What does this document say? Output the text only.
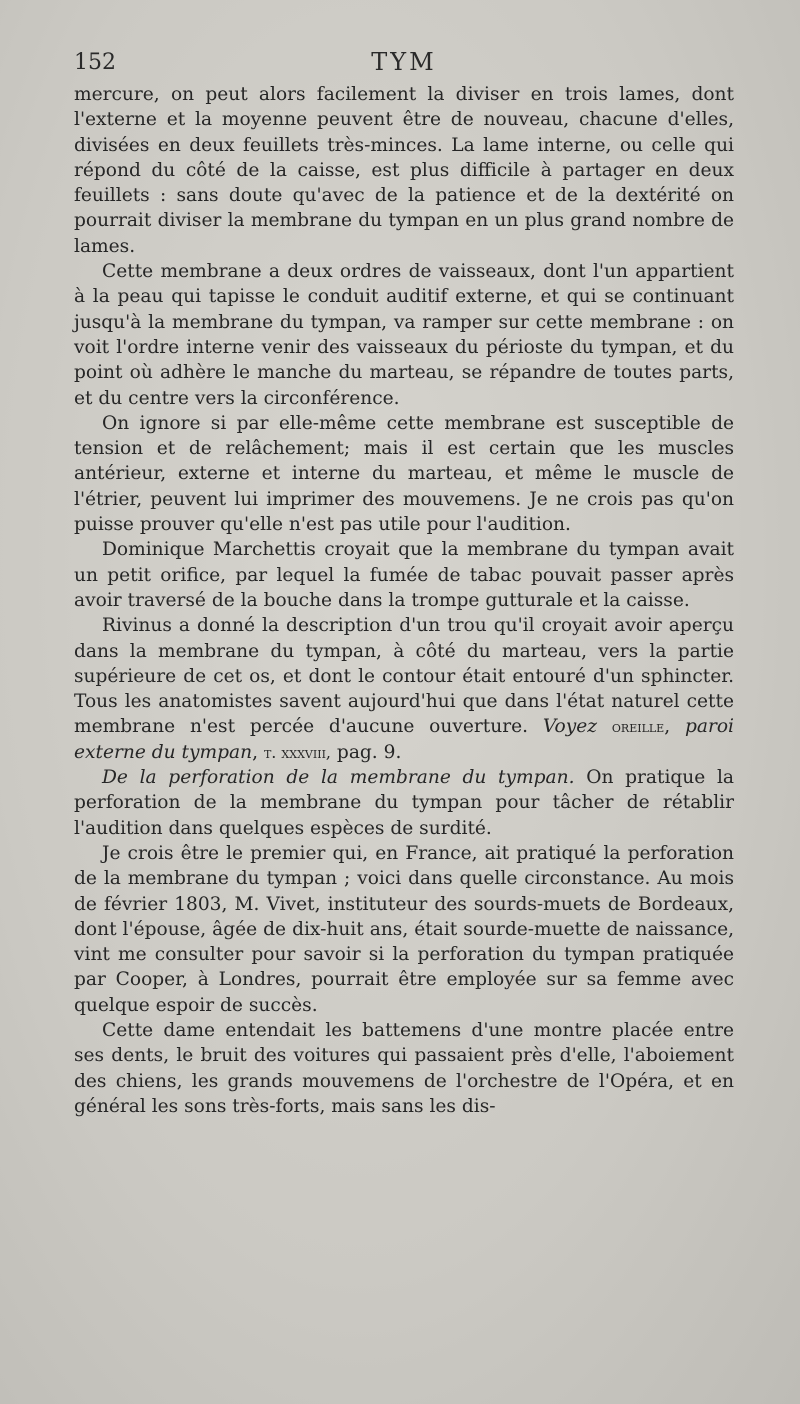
152	TYM

mercure, on peut alors facilement la diviser en trois lames, dont l'externe et la moyenne peuvent être de nouveau, chacune d'elles, divisées en deux feuillets très-minces. La lame interne, ou celle qui répond du côté de la caisse, est plus difficile à partager en deux feuillets : sans doute qu'avec de la patience et de la dextérité on pourrait diviser la membrane du tympan en un plus grand nombre de lames.

Cette membrane a deux ordres de vaisseaux, dont l'un appartient à la peau qui tapisse le conduit auditif externe, et qui se continuant jusqu'à la membrane du tympan, va ramper sur cette membrane : on voit l'ordre interne venir des vaisseaux du périoste du tympan, et du point où adhère le manche du marteau, se répandre de toutes parts, et du centre vers la circonférence.

On ignore si par elle-même cette membrane est susceptible de tension et de relâchement; mais il est certain que les muscles antérieur, externe et interne du marteau, et même le muscle de l'étrier, peuvent lui imprimer des mouvemens. Je ne crois pas qu'on puisse prouver qu'elle n'est pas utile pour l'audition.

Dominique Marchettis croyait que la membrane du tympan avait un petit orifice, par lequel la fumée de tabac pouvait passer après avoir traversé de la bouche dans la trompe gutturale et la caisse.

Rivinus a donné la description d'un trou qu'il croyait avoir aperçu dans la membrane du tympan, à côté du marteau, vers la partie supérieure de cet os, et dont le contour était entouré d'un sphincter. Tous les anatomistes savent aujourd'hui que dans l'état naturel cette membrane n'est percée d'aucune ouverture. Voyez oreille, paroi externe du tympan, t. xxxviii, pag. 9.

De la perforation de la membrane du tympan. On pratique la perforation de la membrane du tympan pour tâcher de rétablir l'audition dans quelques espèces de surdité.

Je crois être le premier qui, en France, ait pratiqué la perforation de la membrane du tympan ; voici dans quelle circonstance. Au mois de février 1803, M. Vivet, instituteur des sourds-muets de Bordeaux, dont l'épouse, âgée de dix-huit ans, était sourde-muette de naissance, vint me consulter pour savoir si la perforation du tympan pratiquée par Cooper, à Londres, pourrait être employée sur sa femme avec quelque espoir de succès.

Cette dame entendait les battemens d'une montre placée entre ses dents, le bruit des voitures qui passaient près d'elle, l'aboiement des chiens, les grands mouvemens de l'orchestre de l'Opéra, et en général les sons très-forts, mais sans les dis-
